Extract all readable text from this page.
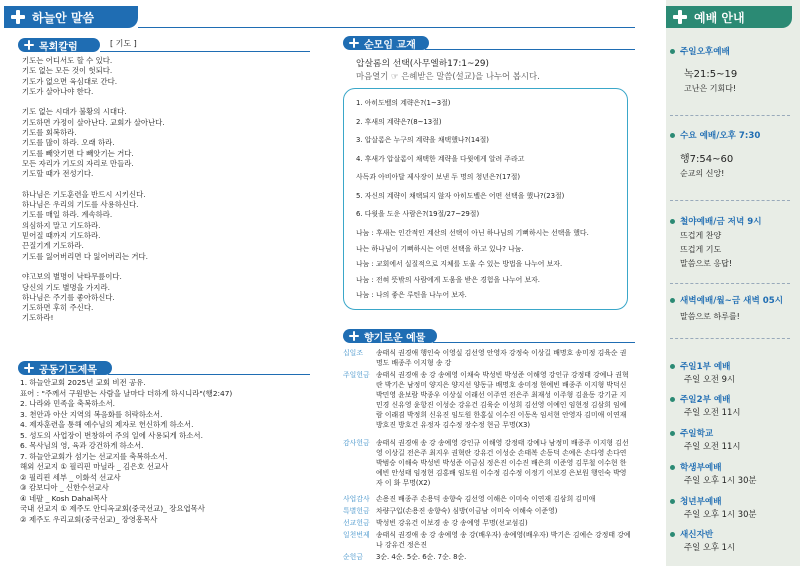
하늘안 말씀
목회칼럼	[ 기도 ]
기도는 어디서도 할 수 있다.
기도 없는 모든 것이 헛되다.
기도가 없으면 육심대로 간다.
기도가 살아나야 한다.
기도 없는 시대가 불황의 시대다.
기도하면 가정이 살아난다. 교회가 살아난다.
기도를 회복하라.
기도를 많이 하라. 오래 하라.
기도를 빼앗기면 다 빼앗기는 거다.
모든 자리가 기도의 자리로 만들라.
기도할 때가 전성기다.
하나님은 기도훈련을 반드시 시키신다.
하나님은 우리의 기도를 사용하신다.
기도를 매일 하라. 계속하라.
의심하지 말고 기도하라.
믿어질 때까지 기도하라.
끈질기게 기도하라.
기도를 잃어버리면 다 잃어버리는 거다.
야고보의 별명이 낙타무릎이다.
당신의 기도 별명을 가지라.
하나님은 주기를 좋아하신다.
기도하면 후히 주신다.
기도하라!
공동기도제목
1. 하늘안교회 2025년 교회 비전 공유.
표어 : "주께서 구원받는 사람을 날마다 더하게 하시니라"(행2:47)
2. 나라와 민족을 축복하소서.
3. 천안과 아산 지역의 복음화를 허락하소서.
4. 제자훈련을 통해 예수님의 제자로 헌신하게 하소서.
5. 성도의 사업장이 번창하여 주의 일에 사용되게 하소서.
6. 목사님의 영, 육과 강건하게 하소서.
7. 하늘안교회가 섬기는 선교지를 축복하소서.
해외 선교지 ① 필리핀 마닐라 _ 김은호 선교사
② 필리핀 세부 _ 이화석 선교사
③ 캄보디아 _ 신한수선교사
④ 네팔 _ Kosh Dahal목사
국내 선교지 ① 제주도 안디옥교회(중국선교)_ 장요엽목사
② 제주도 우리교회(중국선교)_ 장영흥목사
순모임 교재
압살롬의 선택(사무엘하17:1~29)
마음열기 ☞ 은혜받은 말씀(설교)을 나누어 봅시다.
1. 아히도벨의 계략은?(1~3절)
2. 후새의 계략은?(8~13절)
3. 압살롬은 누구의 계략을 채택했나?(14절)
4. 후새가 압살롬이 채택한 계략을 다윗에게 알려 주라고
사독과 아비아달 제사장이 보낸 두 명의 청년은?(17절)
5. 자신의 계략이 채택되지 않자 아히도벨은 어떤 선택을 했나?(23절)
6. 다윗을 도운 사람은?(19절/27~29절)
나눔 : 후새는 인간적인 계산의 선택이 아닌 하나님의 기뻐하시는 선택을 했다.
나는 하나님이 기뻐하시는 어떤 선택을 하고 있나? 나눔.
나눔 : 교회에서 실질적으로 지체를 도울 수 있는 방법을 나누어 보자.
나눔 : 전혀 뜻밖의 사람에게 도움을 받은 경험을 나누어 보자.
나눔 : 나의 좋은 루틴을 나누어 보자.
향기로운 예물
십일조	송태식 권경애 행인숙 이영실 김선영 안영자 강정숙 이상길 배명호 송미정 김육순 권명도 배종주 이지형 송 강
주일헌금 송태식 권경애 송 강 송예영 이채숙 박성빈 박성준 이해영 강인규 강정태 강예나 권혁란 박기은 남정미 양지은 양지선 양동규 배명호 송미정 한예빈 배종주 이지형 박덕신 박민영 윤보람 박종우 이상실 이래선 이주연 전은주 최재성 이주형 김윤동 강기균 지민경 신유영 윤항진 이성순 강유건 김육순 이성희 김선영 이예인 임현정 김삼희 임예람 이래겸 박정희 신유진 임도원 한홍실 이수진 이동옥 임서현 안영자 김미애 이연재 방호진 방호건 유정자 김수정 장수정 현금 무명(X3)
감사헌금 송태식 권경애 송 강 송예영 강인규 이해영 강정태 강예나 남정미 배종주 이지형 김선영 이상길 전은주 최지우 권혁란 강유건 이성순 손태복 손동덕 손예은 손다영 손다연 박범승 이해숙 박성빈 박성준 이금심 정은진 이수진 배은희 이준영 김무철 이수현 한예빈 안성태 임정현 김홍배 임도원 이수정 김수정 이정기 이보경 은보원 행인숙 박영자 이 화 무명(X2)
사업감사 손용진 배종주 손용덕 송향숙 김선영 이해은 이미숙 이연재 김삼희 김미애
특별헌금 차량구입(손용진 송향숙) 심방(이금남 이미숙 이해숙 이준영)
선교헌금 박성빈 강유건 이보경 송 강 송예영 무명(선교섬김)
일천번제 송태식 권경애 송 강 송예영 송 강(배우자) 송예영(배우자) 박기은 김예슨 강정태 강예나 강유건 정은진
순헌금	3순. 4순. 5순. 6순. 7순. 8순.
예배 안내
주일오후예배
녹21:5~19
고난은 기회다!
수요 예배/오후 7:30
행7:54~60
순교의 신앙!
철야예배/금 저녁 9시
뜨겁게 찬양
뜨겁게 기도
말씀으로 응답!
새벽예배/월~금 새벽 05시
말씀으로 하루를!
주일1부 예배
주일 오전 9시
주일2부 예배
주일 오전 11시
주일학교
주일 오전 11시
학생부예배
주일 오후 1시 30분
청년부예배
주일 오후 1시 30분
새신자반
주일 오후 1시
